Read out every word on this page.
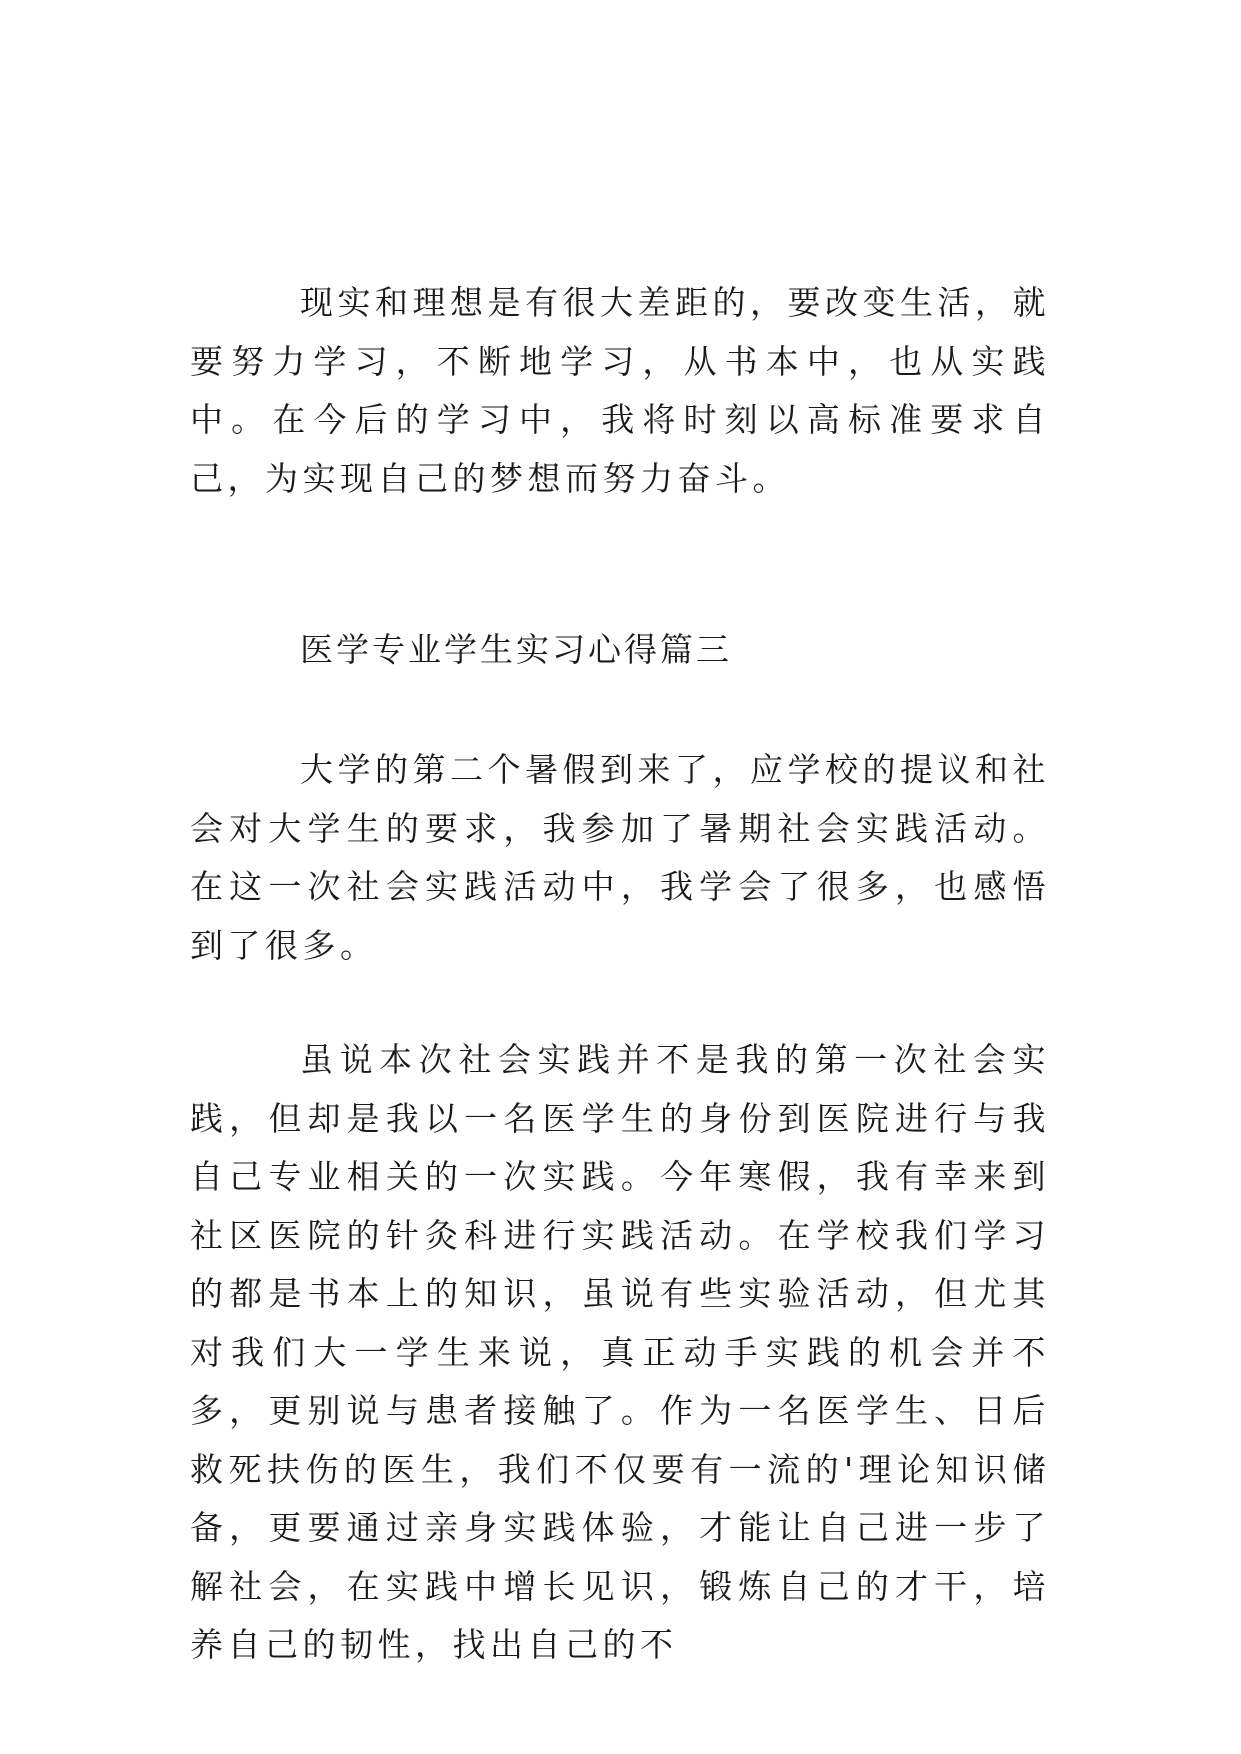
现实和理想是有很大差距的，要改变生活，就要努力学习，不断地学习，从书本中，也从实践中。在今后的学习中，我将时刻以高标准要求自己，为实现自己的梦想而努力奋斗。

医学专业学生实习心得篇三

大学的第二个暑假到来了，应学校的提议和社会对大学生的要求，我参加了暑期社会实践活动。在这一次社会实践活动中，我学会了很多，也感悟到了很多。

虽说本次社会实践并不是我的第一次社会实践，但却是我以一名医学生的身份到医院进行与我自己专业相关的一次实践。今年寒假，我有幸来到社区医院的针灸科进行实践活动。在学校我们学习的都是书本上的知识，虽说有些实验活动，但尤其对我们大一学生来说，真正动手实践的机会并不多，更别说与患者接触了。作为一名医学生、日后救死扶伤的医生，我们不仅要有一流的'理论知识储备，更要通过亲身实践体验，才能让自己进一步了解社会，在实践中增长见识，锻炼自己的才干，培养自己的韧性，找出自己的不
